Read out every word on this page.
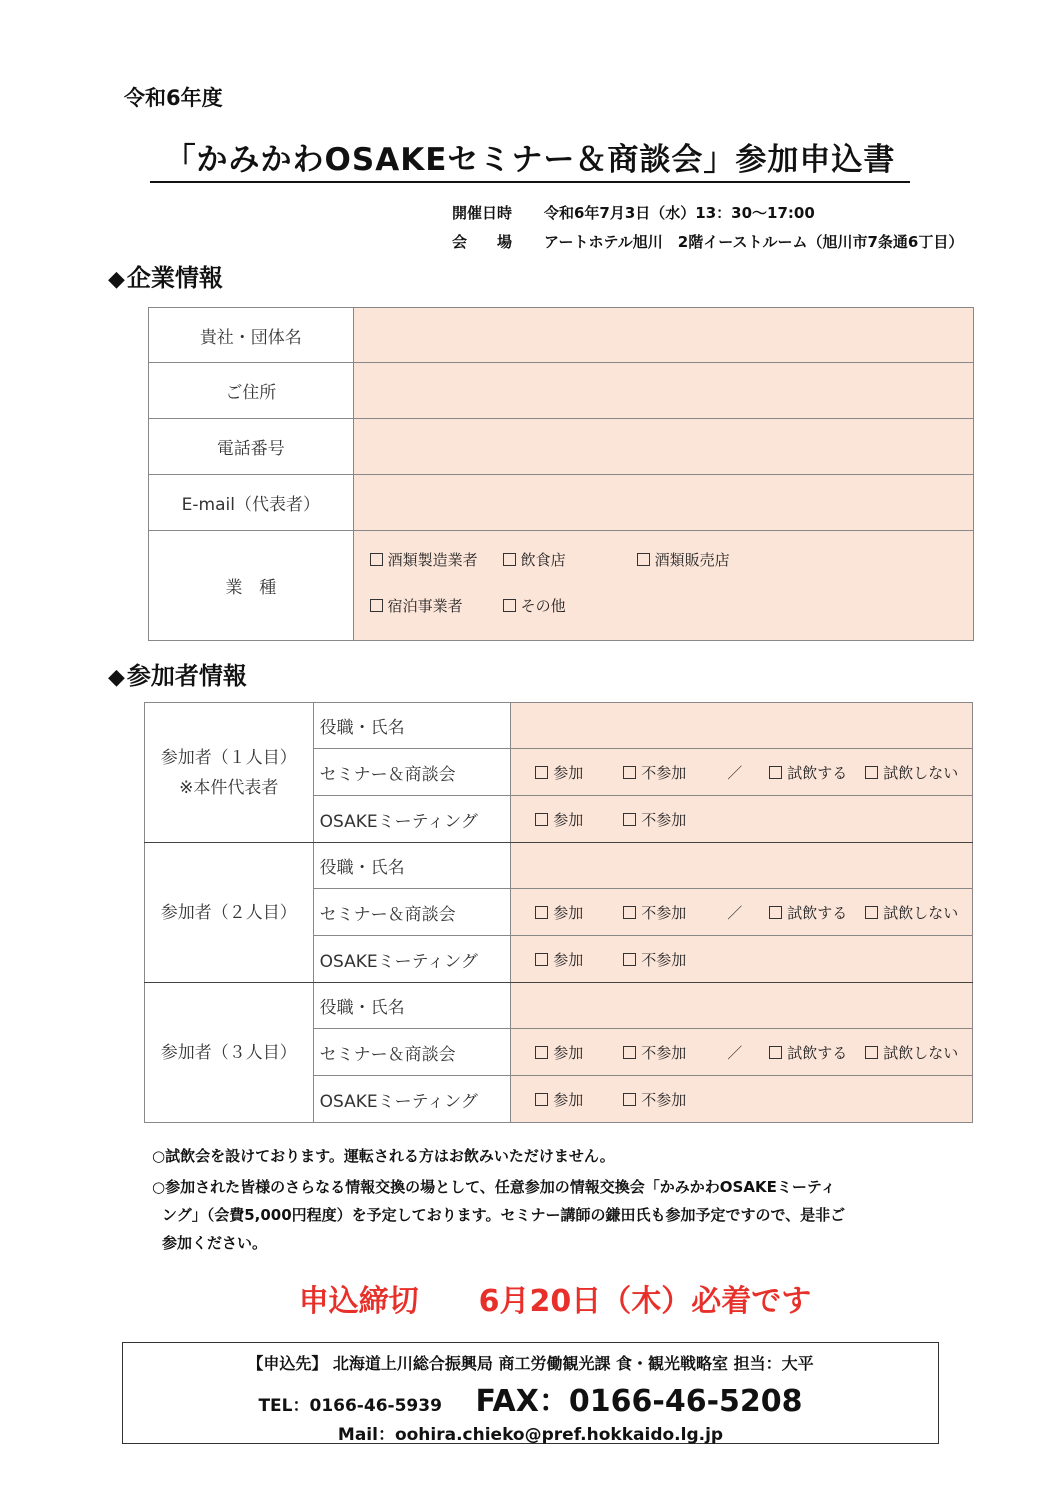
令和6年度
「かみかわOSAKEセミナー＆商談会」参加申込書
開催日時	令和6年7月3日（水）13：30〜17:00
会　　場	アートホテル旭川　2階イーストルーム（旭川市7条通6丁目）
◆企業情報
貴社・団体名	
ご住所	
電話番号	
E-mail（代表者）	
業　種	酒類製造業者 飲食店 酒類販売店
宿泊事業者 その他
◆参加者情報
参加者（１人目）
※本件代表者	役職・氏名	
	セミナー＆商談会	参加 不参加 ／ 試飲する 試飲しない

	OSAKEミーティング	参加 不参加

参加者（２人目）	役職・氏名	
	セミナー＆商談会	参加 不参加 ／ 試飲する 試飲しない

	OSAKEミーティング	参加 不参加

参加者（３人目）	役職・氏名	
	セミナー＆商談会	参加 不参加 ／ 試飲する 試飲しない

	OSAKEミーティング	参加 不参加
○試飲会を設けております。運転される方はお飲みいただけません。
○参加された皆様のさらなる情報交換の場として、任意参加の情報交換会「かみかわOSAKEミーティ
ング」（会費5,000円程度）を予定しております。セミナー講師の鎌田氏も参加予定ですので、是非ご
参加ください。
申込締切　　6月20日（木）必着です
【申込先】 北海道上川総合振興局 商工労働観光課 食・観光戦略室 担当：大平
TEL：0166-46-5939 FAX：0166-46-5208
Mail：oohira.chieko@pref.hokkaido.lg.jp
